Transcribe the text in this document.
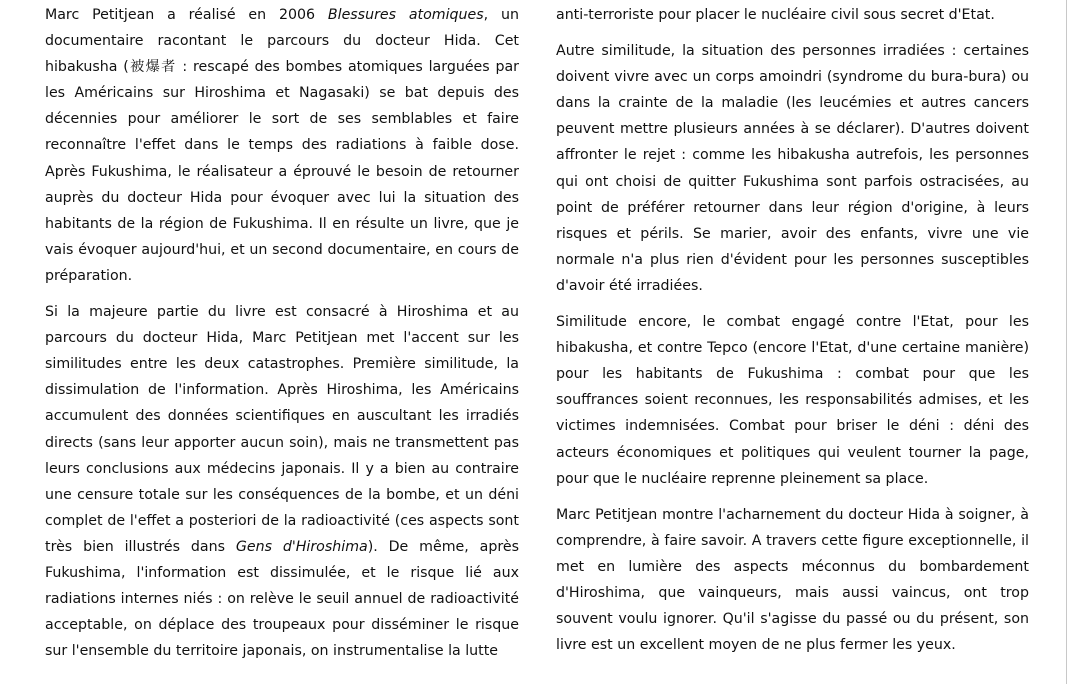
Marc Petitjean a réalisé en 2006 Blessures atomiques, un documentaire racontant le parcours du docteur Hida. Cet hibakusha (被爆者 : rescapé des bombes atomiques larguées par les Américains sur Hiroshima et Nagasaki) se bat depuis des décennies pour améliorer le sort de ses semblables et faire reconnaître l'effet dans le temps des radiations à faible dose. Après Fukushima, le réalisateur a éprouvé le besoin de retourner auprès du docteur Hida pour évoquer avec lui la situation des habitants de la région de Fukushima. Il en résulte un livre, que je vais évoquer aujourd'hui, et un second documentaire, en cours de préparation.

Si la majeure partie du livre est consacré à Hiroshima et au parcours du docteur Hida, Marc Petitjean met l'accent sur les similitudes entre les deux catastrophes. Première similitude, la dissimulation de l'information. Après Hiroshima, les Américains accumulent des données scientifiques en auscultant les irradiés directs (sans leur apporter aucun soin), mais ne transmettent pas leurs conclusions aux médecins japonais. Il y a bien au contraire une censure totale sur les conséquences de la bombe, et un déni complet de l'effet a posteriori de la radioactivité (ces aspects sont très bien illustrés dans Gens d'Hiroshima). De même, après Fukushima, l'information est dissimulée, et le risque lié aux radiations internes niés : on relève le seuil annuel de radioactivité acceptable, on déplace des troupeaux pour disséminer le risque sur l'ensemble du territoire japonais, on instrumentalise la lutte

anti-terroriste pour placer le nucléaire civil sous secret d'Etat.

Autre similitude, la situation des personnes irradiées : certaines doivent vivre avec un corps amoindri (syndrome du bura-bura) ou dans la crainte de la maladie (les leucémies et autres cancers peuvent mettre plusieurs années à se déclarer). D'autres doivent affronter le rejet : comme les hibakusha autrefois, les personnes qui ont choisi de quitter Fukushima sont parfois ostracisées, au point de préférer retourner dans leur région d'origine, à leurs risques et périls. Se marier, avoir des enfants, vivre une vie normale n'a plus rien d'évident pour les personnes susceptibles d'avoir été irradiées.

Similitude encore, le combat engagé contre l'Etat, pour les hibakusha, et contre Tepco (encore l'Etat, d'une certaine manière) pour les habitants de Fukushima : combat pour que les souffrances soient reconnues, les responsabilités admises, et les victimes indemnisées. Combat pour briser le déni : déni des acteurs économiques et politiques qui veulent tourner la page, pour que le nucléaire reprenne pleinement sa place.

Marc Petitjean montre l'acharnement du docteur Hida à soigner, à comprendre, à faire savoir. A travers cette figure exceptionnelle, il met en lumière des aspects méconnus du bombardement d'Hiroshima, que vainqueurs, mais aussi vaincus, ont trop souvent voulu ignorer. Qu'il s'agisse du passé ou du présent, son livre est un excellent moyen de ne plus fermer les yeux.
